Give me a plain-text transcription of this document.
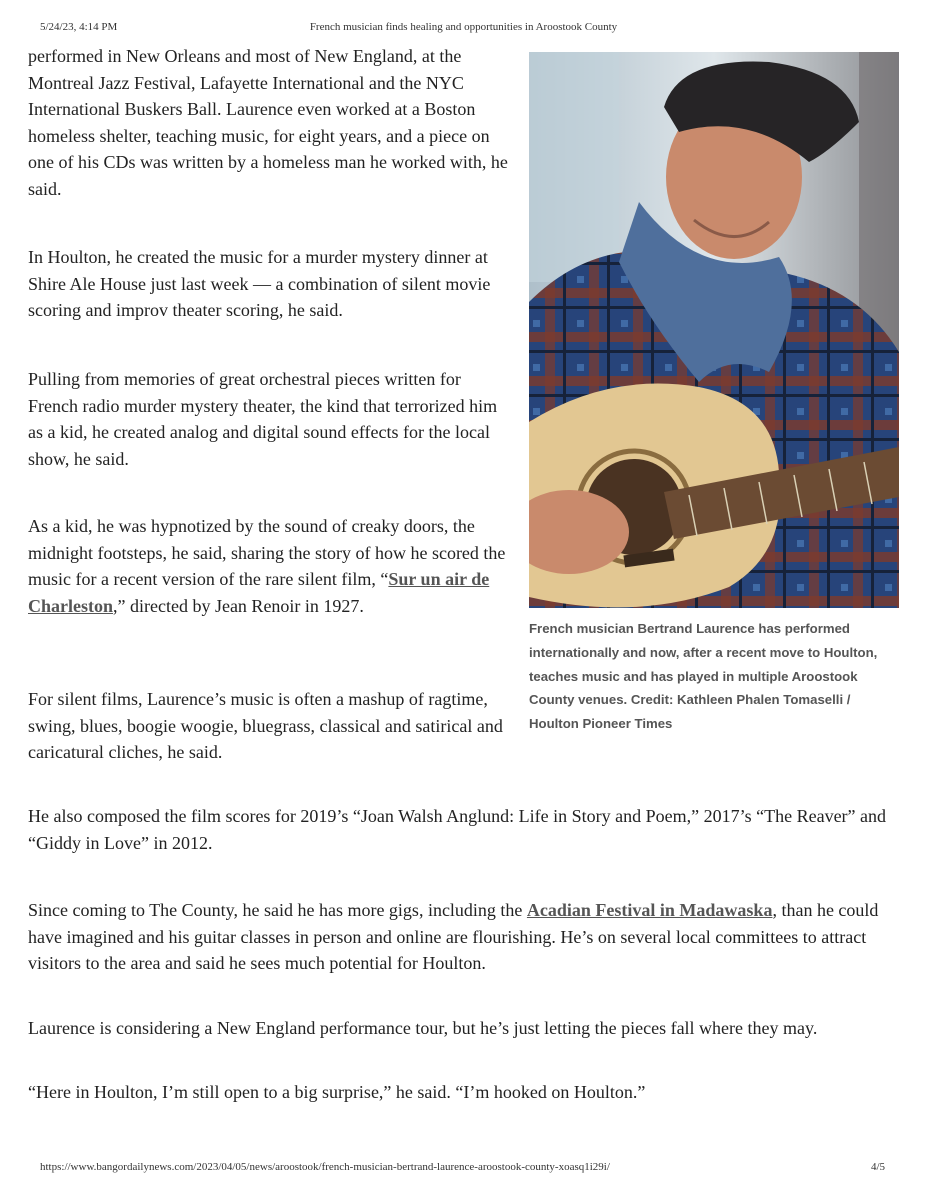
5/24/23, 4:14 PM	French musician finds healing and opportunities in Aroostook County

performed in New Orleans and most of New England, at the Montreal Jazz Festival, Lafayette International and the NYC International Buskers Ball. Laurence even worked at a Boston homeless shelter, teaching music, for eight years, and a piece on one of his CDs was written by a homeless man he worked with, he said.

In Houlton, he created the music for a murder mystery dinner at Shire Ale House just last week — a combination of silent movie scoring and improv theater scoring, he said.

Pulling from memories of great orchestral pieces written for French radio murder mystery theater, the kind that terrorized him as a kid, he created analog and digital sound effects for the local show, he said.

As a kid, he was hypnotized by the sound of creaky doors, the midnight footsteps, he said, sharing the story of how he scored the music for a recent version of the rare silent film, “Sur un air de Charleston,” directed by Jean Renoir in 1927.

For silent films, Laurence’s music is often a mashup of ragtime, swing, blues, boogie woogie, bluegrass, classical and satirical and caricatural cliches, he said.

French musician Bertrand Laurence has performed internationally and now, after a recent move to Houlton, teaches music and has played in multiple Aroostook County venues. Credit: Kathleen Phalen Tomaselli / Houlton Pioneer Times

He also composed the film scores for 2019’s “Joan Walsh Anglund: Life in Story and Poem,” 2017’s “The Reaver” and “Giddy in Love” in 2012.

Since coming to The County, he said he has more gigs, including the Acadian Festival in Madawaska, than he could have imagined and his guitar classes in person and online are flourishing. He’s on several local committees to attract visitors to the area and said he sees much potential for Houlton.

Laurence is considering a New England performance tour, but he’s just letting the pieces fall where they may.

“Here in Houlton, I’m still open to a big surprise,” he said. “I’m hooked on Houlton.”

https://www.bangordailynews.com/2023/04/05/news/aroostook/french-musician-bertrand-laurence-aroostook-county-xoasq1i29i/	4/5
